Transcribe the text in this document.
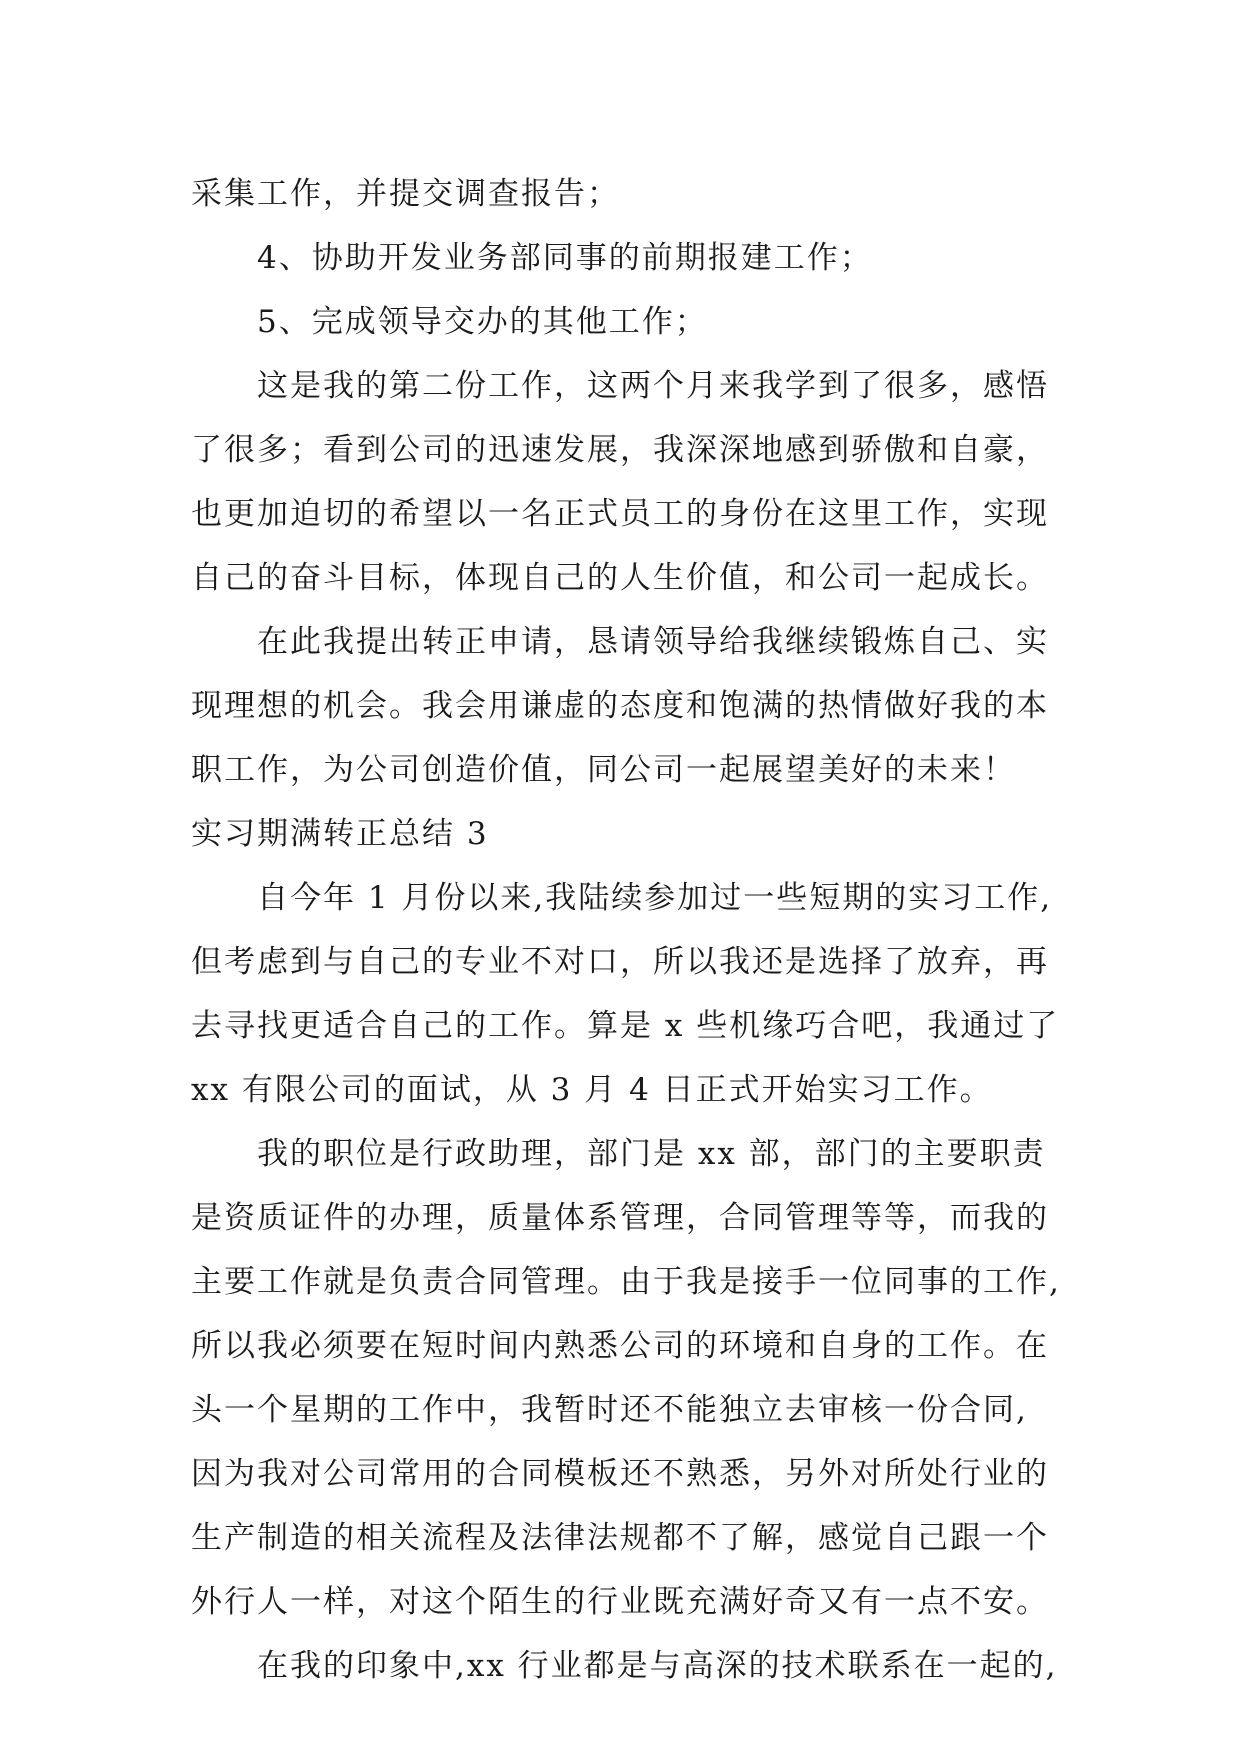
采集工作，并提交调查报告；
4、协助开发业务部同事的前期报建工作；
5、完成领导交办的其他工作；
这是我的第二份工作，这两个月来我学到了很多，感悟
了很多；看到公司的迅速发展，我深深地感到骄傲和自豪，
也更加迫切的希望以一名正式员工的身份在这里工作，实现
自己的奋斗目标，体现自己的人生价值，和公司一起成长。
在此我提出转正申请，恳请领导给我继续锻炼自己、实
现理想的机会。我会用谦虚的态度和饱满的热情做好我的本
职工作，为公司创造价值，同公司一起展望美好的未来！
实习期满转正总结 3
自今年 1 月份以来,我陆续参加过一些短期的实习工作,
但考虑到与自己的专业不对口，所以我还是选择了放弃，再
去寻找更适合自己的工作。算是 x 些机缘巧合吧，我通过了
xx 有限公司的面试，从 3 月 4 日正式开始实习工作。
我的职位是行政助理，部门是 xx 部，部门的主要职责
是资质证件的办理，质量体系管理，合同管理等等，而我的
主要工作就是负责合同管理。由于我是接手一位同事的工作,
所以我必须要在短时间内熟悉公司的环境和自身的工作。在
头一个星期的工作中，我暂时还不能独立去审核一份合同,
因为我对公司常用的合同模板还不熟悉，另外对所处行业的
生产制造的相关流程及法律法规都不了解，感觉自己跟一个
外行人一样，对这个陌生的行业既充满好奇又有一点不安。
在我的印象中,xx 行业都是与高深的技术联系在一起的,
